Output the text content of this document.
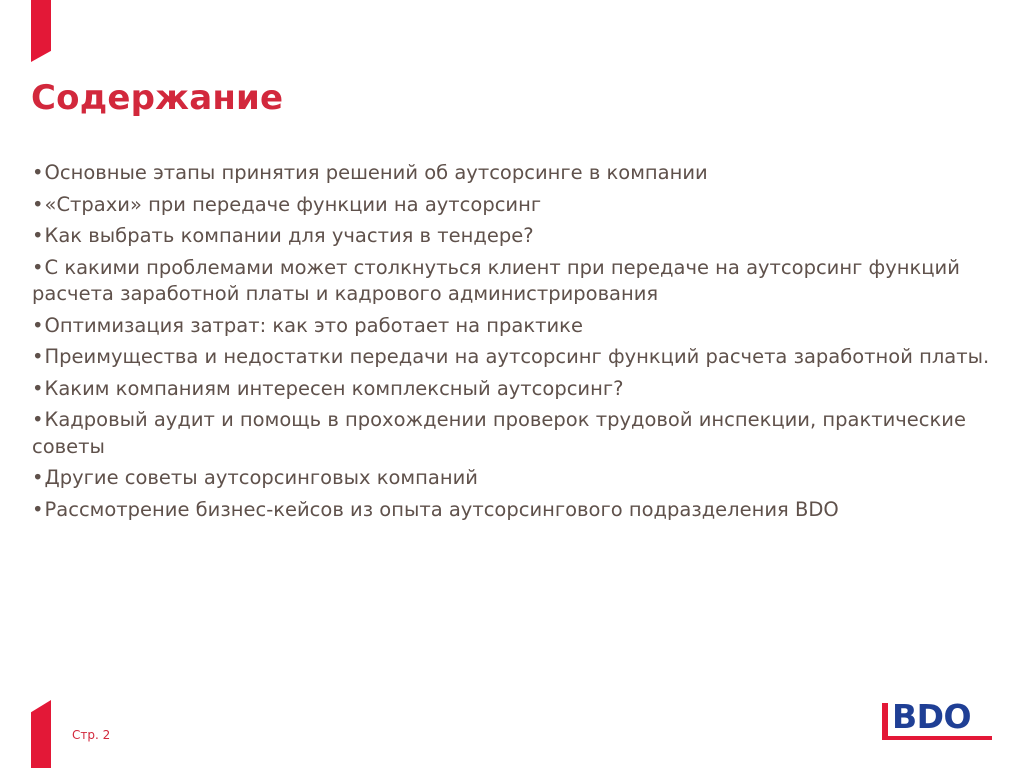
Содержание
•Основные этапы принятия решений об аутсорсинге в компании
•«Страхи» при передаче функции на аутсорсинг
•Как выбрать компании для участия в тендере?
•С какими проблемами может столкнуться клиент при передаче на аутсорсинг функций расчета заработной платы и кадрового администрирования
•Оптимизация затрат: как это работает на практике
•Преимущества и недостатки передачи на аутсорсинг функций расчета заработной платы.
•Каким компаниям интересен комплексный аутсорсинг?
•Кадровый аудит и помощь в прохождении проверок трудовой инспекции, практические советы
•Другие советы аутсорсинговых компаний
•Рассмотрение бизнес-кейсов из опыта аутсорсингового подразделения BDO
Стр. 2	BDO
